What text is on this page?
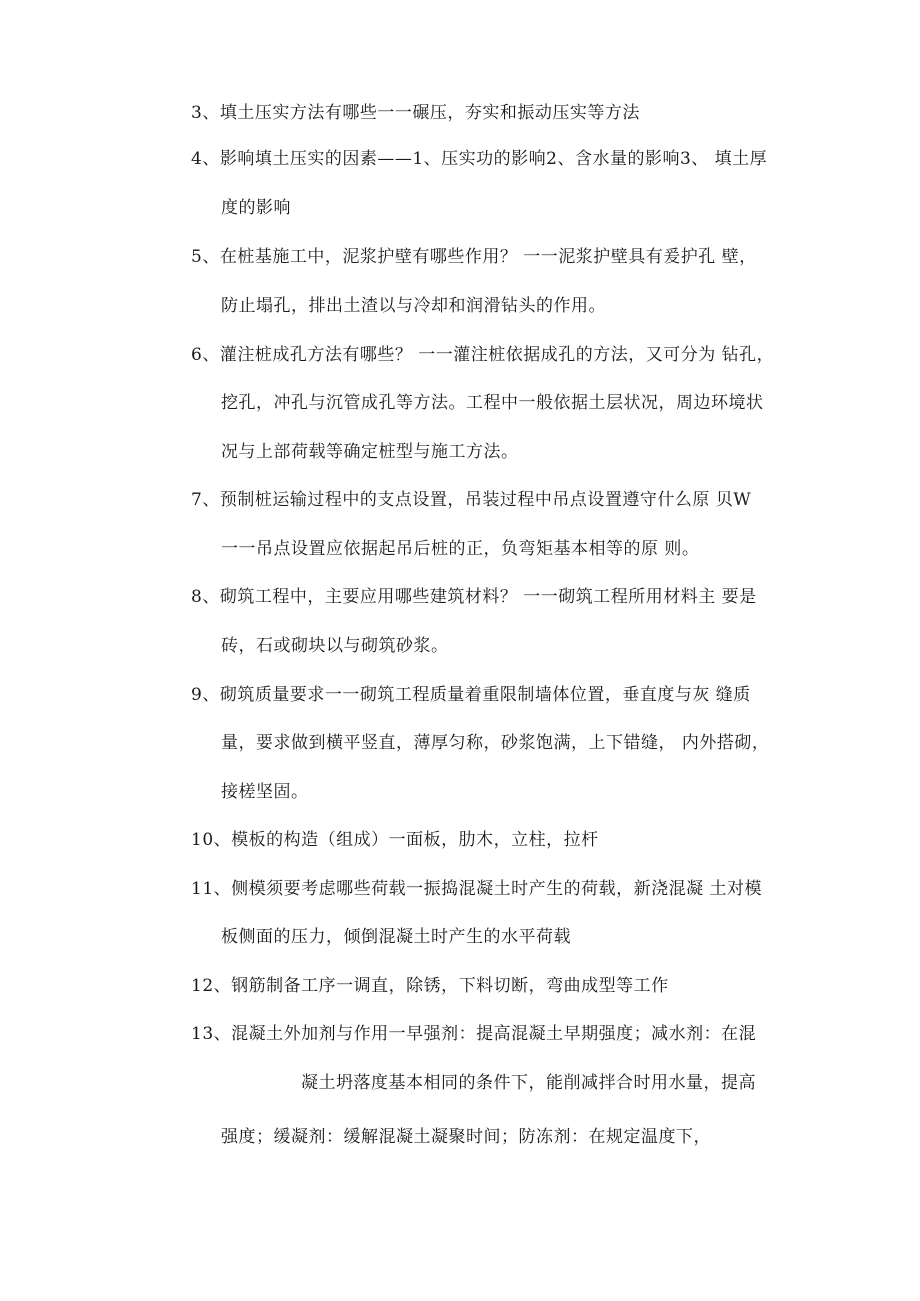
3、填土压实方法有哪些一一碾压，夯实和振动压实等方法
4、影响填土压实的因素——1、压实功的影响2、含水量的影响3、 填土厚
度的影响
5、在桩基施工中，泥浆护壁有哪些作用？ 一一泥浆护壁具有爰护孔 壁，
防止塌孔，排出土渣以与冷却和润滑钻头的作用。
6、灌注桩成孔方法有哪些？ 一一灌注桩依据成孔的方法，又可分为 钻孔，
挖孔，冲孔与沉管成孔等方法。工程中一般依据土层状况，周边环境状
况与上部荷载等确定桩型与施工方法。
7、预制桩运输过程中的支点设置，吊装过程中吊点设置遵守什么原 贝W
一一吊点设置应依据起吊后桩的正，负弯矩基本相等的原 则。
8、砌筑工程中，主要应用哪些建筑材料？ 一一砌筑工程所用材料主 要是
砖，石或砌块以与砌筑砂浆。
9、砌筑质量要求一一砌筑工程质量着重限制墙体位置，垂直度与灰 缝质
量，要求做到横平竖直，薄厚匀称，砂浆饱满，上下错缝， 内外搭砌，
接槎坚固。
10、模板的构造（组成）一面板，肋木，立柱，拉杆
11、侧模须要考虑哪些荷载一振捣混凝土时产生的荷载，新浇混凝 土对模
板侧面的压力，倾倒混凝土时产生的水平荷载
12、钢筋制备工序一调直，除锈，下料切断，弯曲成型等工作
13、混凝土外加剂与作用一早强剂：提高混凝土早期强度；减水剂：在混
凝土坍落度基本相同的条件下，能削减拌合时用水量，提高
强度；缓凝剂：缓解混凝土凝聚时间；防冻剂：在规定温度下，
